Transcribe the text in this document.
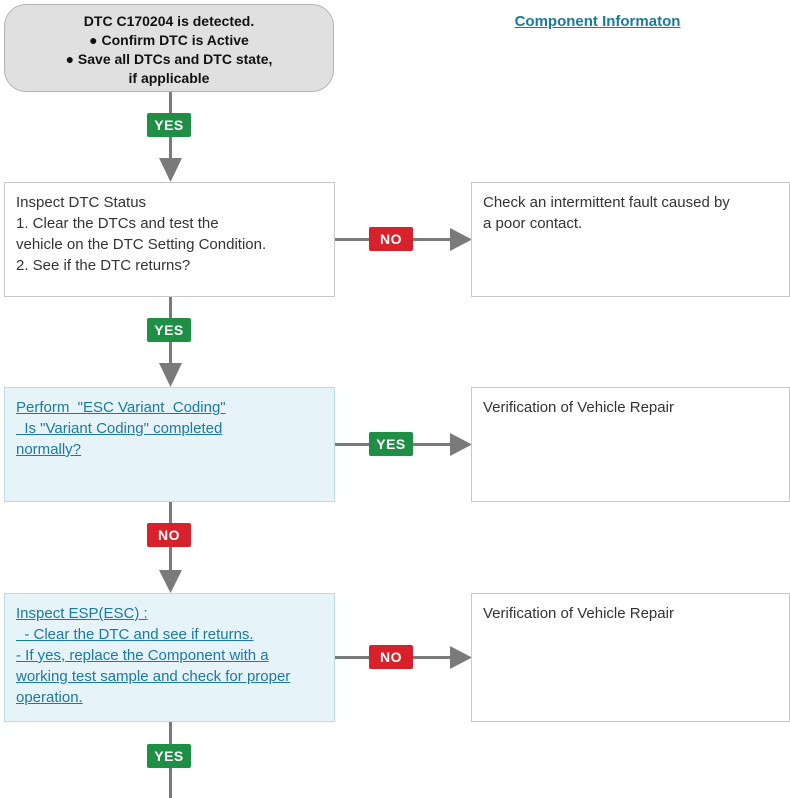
DTC C170204 is detected.
● Confirm DTC is Active
● Save all DTCs and DTC state,
if applicable
Component Informaton
Inspect DTC Status
1. Clear the DTCs and test the
vehicle on the DTC Setting Condition.
2. See if the DTC returns?
Check an intermittent fault caused by
a poor contact.
Perform  "ESC Variant  Coding"
Is "Variant Coding" completed
normally?
Verification of Vehicle Repair
Inspect ESP(ESC) :
- Clear the DTC and see if returns.
- If yes, replace the Component with a
working test sample and check for proper
operation.
Verification of Vehicle Repair
YES
NO
YES
YES
NO
NO
YES
